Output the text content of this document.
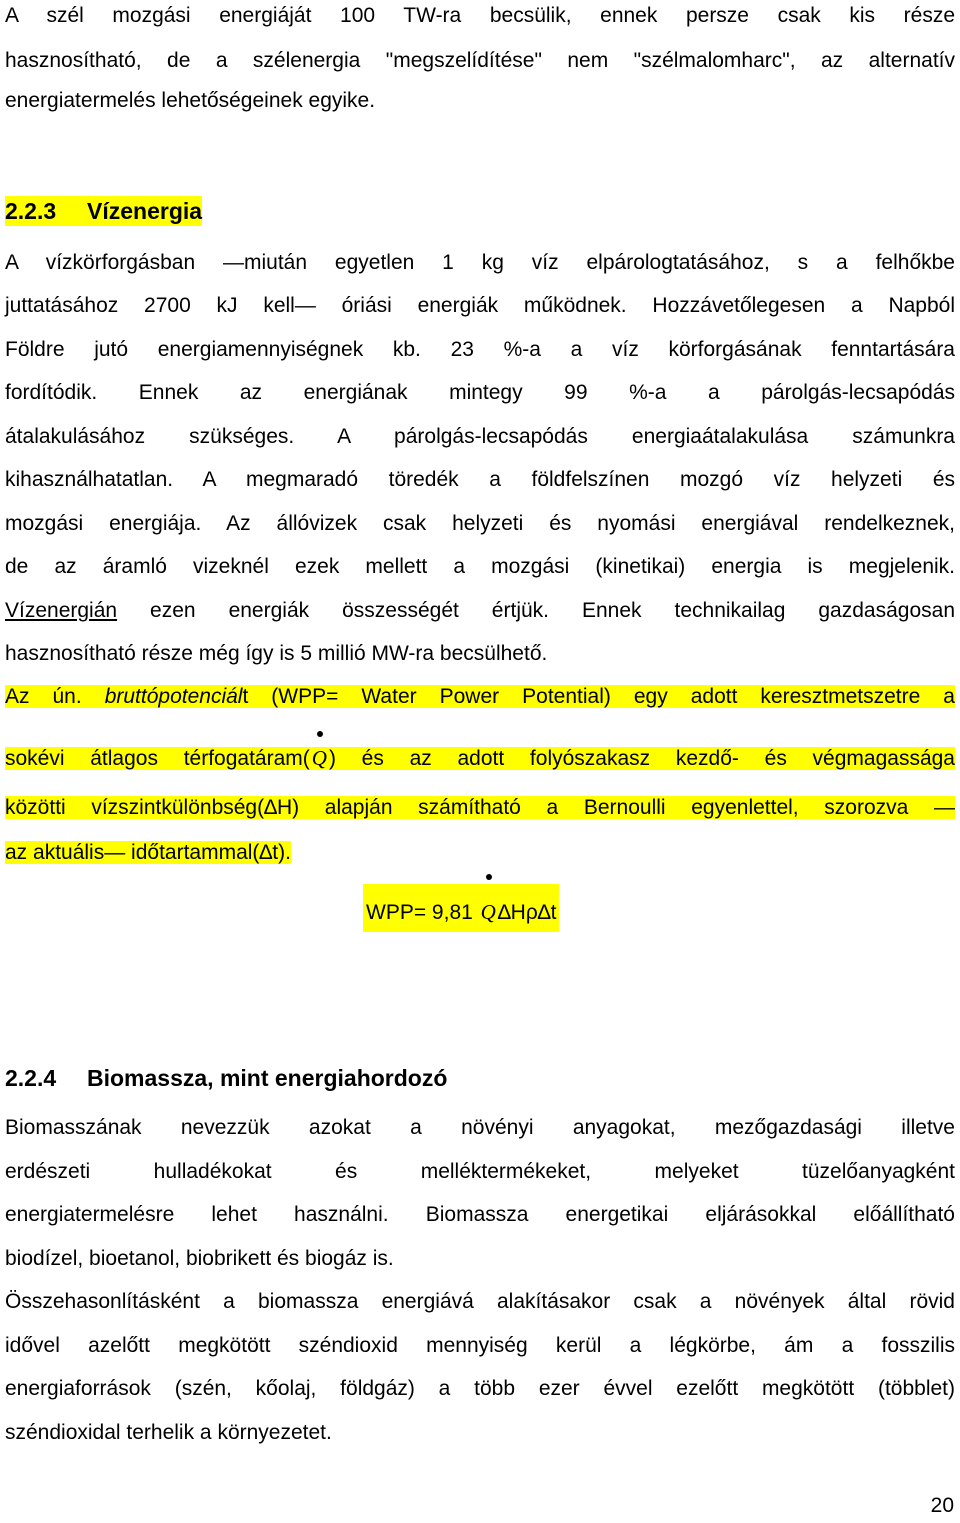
A szél mozgási energiáját 100 TW-ra becsülik, ennek persze csak kis része
hasznosítható, de a szélenergia "megszelídítése" nem "szélmalomharc", az alternatív
energiatermelés lehetőségeinek egyike.
2.2.3 Vízenergia
A vízkörforgásban —miután egyetlen 1 kg víz elpárologtatásához, s a felhőkbe
juttatásához 2700 kJ kell— óriási energiák működnek. Hozzávetőlegesen a Napból
Földre jutó energiamennyiségnek kb. 23 %-a a víz körforgásának fenntartására
fordítódik. Ennek az energiának mintegy 99 %-a a párolgás-lecsapódás
átalakulásához szükséges. A párolgás-lecsapódás energiaátalakulása számunkra
kihasználhatatlan. A megmaradó töredék a földfelszínen mozgó víz helyzeti és
mozgási energiája. Az állóvizek csak helyzeti és nyomási energiával rendelkeznek,
de az áramló vizeknél ezek mellett a mozgási (kinetikai) energia is megjelenik.
Vízenergián ezen energiák összességét értjük. Ennek technikailag gazdaságosan
hasznosítható része még így is 5 millió MW-ra becsülhető.
Az ún. bruttópotenciált (WPP= Water Power Potential) egy adott keresztmetszetre a
sokévi átlagos térfogatáram(
Q) és az adott folyószakasz kezdő- és végmagassága
közötti vízszintkülönbség(∆H) alapján számítható a Bernoulli egyenlettel, szorozva —
az aktuális— időtartammal(∆t).
WPP= 9,81
Q∆Hρ∆t
2.2.4 Biomassza, mint energiahordozó
Biomasszának nevezzük azokat a növényi anyagokat, mezőgazdasági illetve
erdészeti hulladékokat és melléktermékeket, melyeket tüzelőanyagként
energiatermelésre lehet használni. Biomassza energetikai eljárásokkal előállítható
biodízel, bioetanol, biobrikett és biogáz is.
Összehasonlításként a biomassza energiává alakításakor csak a növények által rövid
idővel azelőtt megkötött széndioxid mennyiség kerül a légkörbe, ám a fosszilis
energiaforrások (szén, kőolaj, földgáz) a több ezer évvel ezelőtt megkötött (többlet)
széndioxidal terhelik a környezetet.
20
